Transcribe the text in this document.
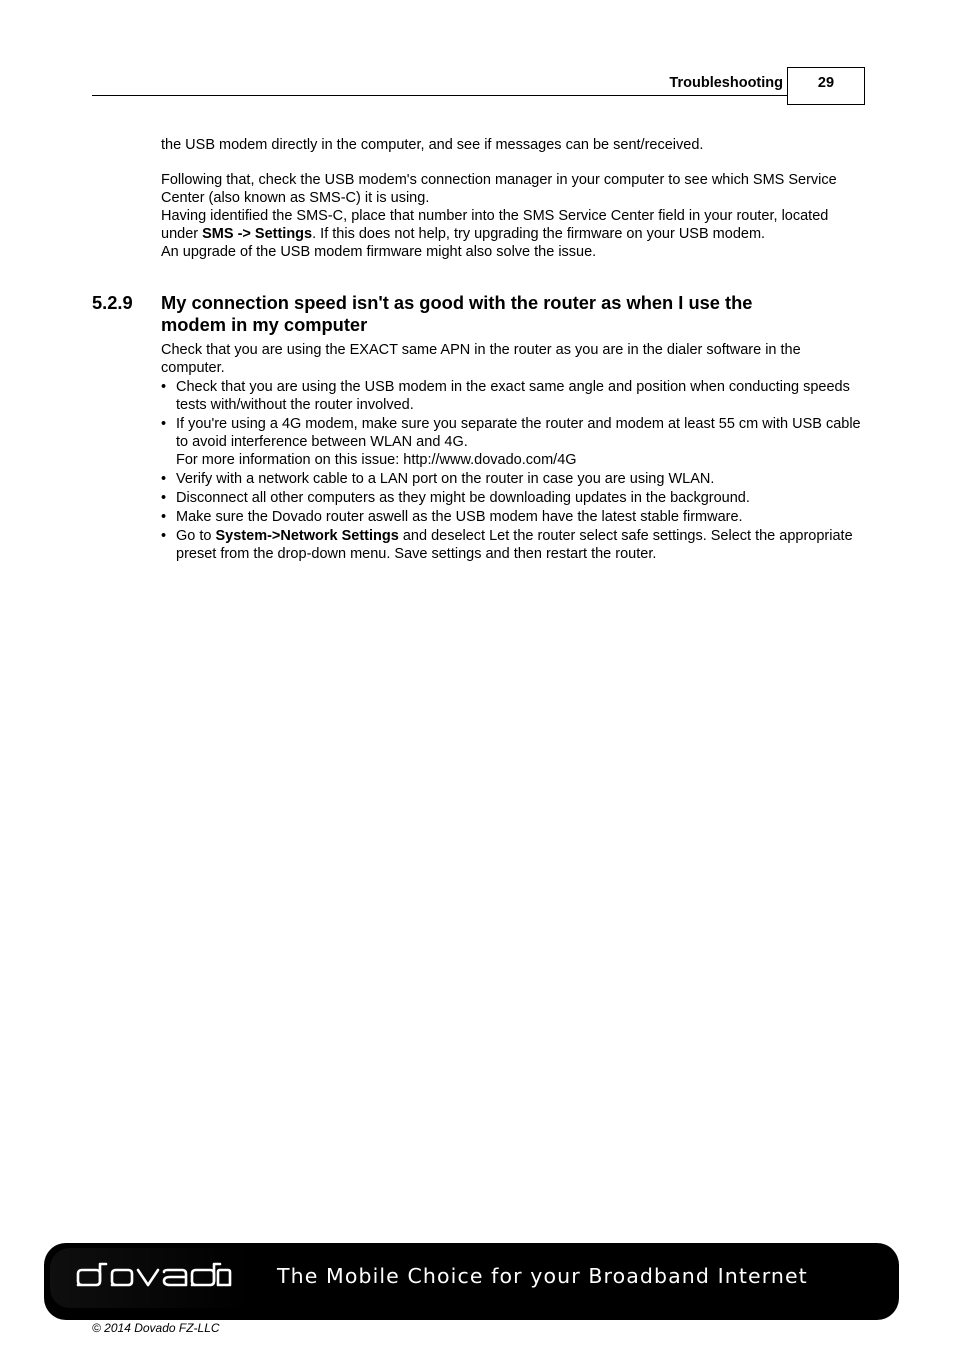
Troubleshooting	29

the USB modem directly in the computer, and see if messages can be sent/received.

Following that, check the USB modem's connection manager in your computer to see which SMS Service Center (also known as SMS-C) it is using.

Having identified the SMS-C, place that number into the SMS Service Center field in your router, located under SMS -> Settings. If this does not help, try upgrading the firmware on your USB modem.

An upgrade of the USB modem firmware might also solve the issue.

5.2.9 My connection speed isn't as good with the router as when I use the modem in my computer

Check that you are using the EXACT same APN in the router as you are in the dialer software in the computer.

• Check that you are using the USB modem in the exact same angle and position when conducting speeds tests with/without the router involved.
• If you're using a 4G modem, make sure you separate the router and modem at least 55 cm with USB cable to avoid interference between WLAN and 4G.
For more information on this issue: http://www.dovado.com/4G
• Verify with a network cable to a LAN port on the router in case you are using WLAN.
• Disconnect all other computers as they might be downloading updates in the background.
• Make sure the Dovado router aswell as the USB modem have the latest stable firmware.
• Go to System->Network Settings and deselect Let the router select safe settings. Select the appropriate preset from the drop-down menu. Save settings and then restart the router.
The Mobile Choice for your Broadband Internet
© 2014 Dovado FZ-LLC
